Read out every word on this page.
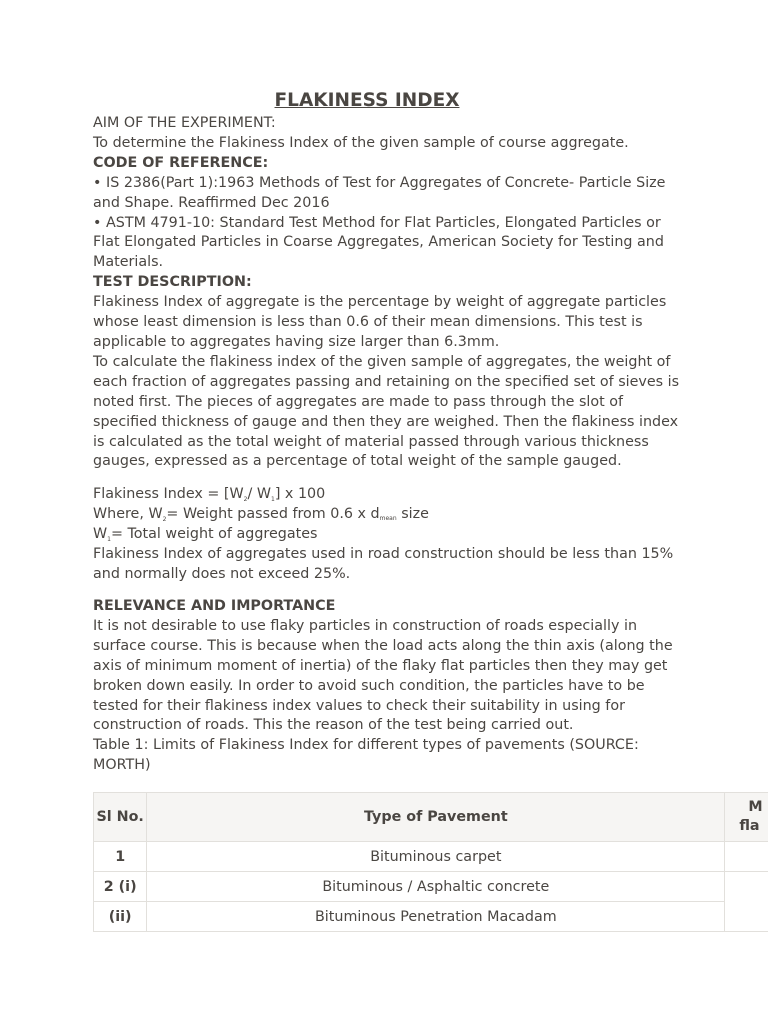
FLAKINESS INDEX

AIM OF THE EXPERIMENT:

To determine the Flakiness Index of the given sample of course aggregate.

CODE OF REFERENCE:

• IS 2386(Part 1):1963 Methods of Test for Aggregates of Concrete- Particle Size and Shape. Reaffirmed Dec 2016

• ASTM 4791-10: Standard Test Method for Flat Particles, Elongated Particles or Flat Elongated Particles in Coarse Aggregates, American Society for Testing and Materials.

TEST DESCRIPTION:

Flakiness Index of aggregate is the percentage by weight of aggregate particles whose least dimension is less than 0.6 of their mean dimensions. This test is applicable to aggregates having size larger than 6.3mm.

To calculate the flakiness index of the given sample of aggregates, the weight of each fraction of aggregates passing and retaining on the specified set of sieves is noted first. The pieces of aggregates are made to pass through the slot of specified thickness of gauge and then they are weighed. Then the flakiness index is calculated as the total weight of material passed through various thickness gauges, expressed as a percentage of total weight of the sample gauged.

Flakiness Index = [$W_2/$ $W_1$] x 100

Where, $W_2=$ Weight passed from 0.6 x dmean size

$W_1=$ Total weight of aggregates

Flakiness Index of aggregates used in road construction should be less than 15% and normally does not exceed 25%.

RELEVANCE AND IMPORTANCE

It is not desirable to use flaky particles in construction of roads especially in surface course. This is because when the load acts along the thin axis (along the axis of minimum moment of inertia) of the flaky flat particles then they may get broken down easily. In order to avoid such condition, the particles have to be tested for their flakiness index values to check their suitability in using for construction of roads. This the reason of the test being carried out.

Table 1: Limits of Flakiness Index for different types of pavements (SOURCE: MORTH)

Sl No.	Type of Pavement	M
fla

1	Bituminous carpet	
2 (i)	Bituminous / Asphaltic concrete	
(ii)	Bituminous Penetration Macadam	
